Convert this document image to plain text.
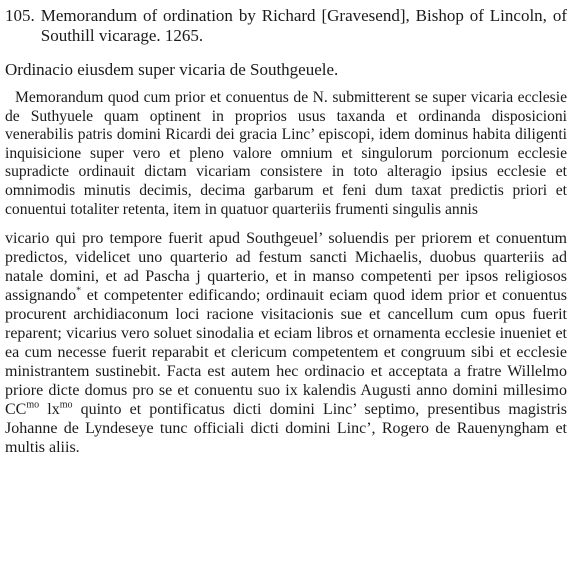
105. Memorandum of ordination by Richard [Gravesend], Bishop of Lincoln, of Southill vicarage. 1265.

Ordinacio eiusdem super vicaria de Southgeuele.

Memorandum quod cum prior et conuentus de N. submitterent se super vicaria ecclesie de Suthyuele quam optinent in proprios usus taxanda et ordinanda disposicioni venerabilis patris domini Ricardi dei gracia Linc’ episcopi, idem dominus habita diligenti inquisicione super vero et pleno valore omnium et singulorum porcionum ecclesie supradicte ordinauit dictam vicariam consistere in toto alteragio ipsius ecclesie et omnimodis minutis decimis, decima garbarum et feni dum taxat predictis priori et conuentui totaliter retenta, item in quatuor quarteriis frumenti singulis annis

vicario qui pro tempore fuerit apud Southgeuel’ soluendis per priorem et conuentum predictos, videlicet uno quarterio ad festum sancti Michaelis, duobus quarteriis ad natale domini, et ad Pascha j quarterio, et in manso competenti per ipsos religiosos assignando* et competenter edificando; ordinauit eciam quod idem prior et conuentus procurent archidiaconum loci racione visitacionis sue et cancellum cum opus fuerit reparent; vicarius vero soluet sinodalia et eciam libros et ornamenta ecclesie inueniet et ea cum necesse fuerit reparabit et clericum competentem et congruum sibi et ecclesie ministrantem sustinebit. Facta est autem hec ordinacio et acceptata a fratre Willelmo priore dicte domus pro se et conuentu suo ix kalendis Augusti anno domini millesimo $CC^{mo}$ $lx^{mo}$ quinto et pontificatus dicti domini Linc’ septimo, presentibus magistris Johanne de Lyndeseye tunc officiali dicti domini Linc’, Rogero de Rauenyngham et multis aliis.
